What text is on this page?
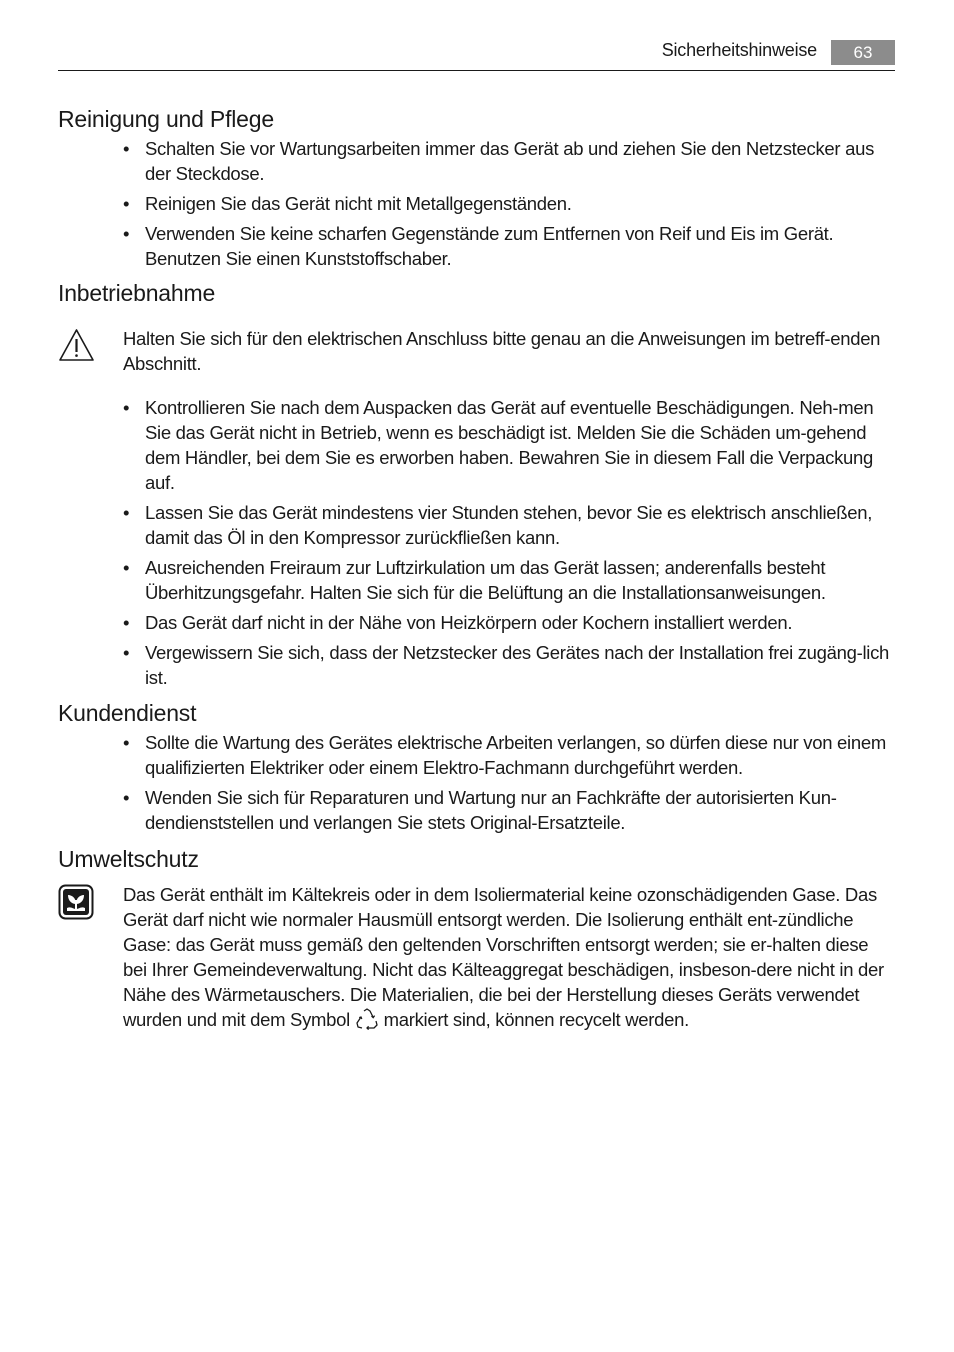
Sicherheitshinweise	63
Reinigung und Pflege
• Schalten Sie vor Wartungsarbeiten immer das Gerät ab und ziehen Sie den Netzstecker aus der Steckdose.
• Reinigen Sie das Gerät nicht mit Metallgegenständen.
• Verwenden Sie keine scharfen Gegenstände zum Entfernen von Reif und Eis im Gerät. Benutzen Sie einen Kunststoffschaber.
Inbetriebnahme
Halten Sie sich für den elektrischen Anschluss bitte genau an die Anweisungen im betreff-enden Abschnitt.
• Kontrollieren Sie nach dem Auspacken das Gerät auf eventuelle Beschädigungen. Neh-men Sie das Gerät nicht in Betrieb, wenn es beschädigt ist. Melden Sie die Schäden um-gehend dem Händler, bei dem Sie es erworben haben. Bewahren Sie in diesem Fall die Verpackung auf.
• Lassen Sie das Gerät mindestens vier Stunden stehen, bevor Sie es elektrisch anschließen, damit das Öl in den Kompressor zurückfließen kann.
• Ausreichenden Freiraum zur Luftzirkulation um das Gerät lassen; anderenfalls besteht Überhitzungsgefahr. Halten Sie sich für die Belüftung an die Installationsanweisungen.
• Das Gerät darf nicht in der Nähe von Heizkörpern oder Kochern installiert werden.
• Vergewissern Sie sich, dass der Netzstecker des Gerätes nach der Installation frei zugäng-lich ist.
Kundendienst
• Sollte die Wartung des Gerätes elektrische Arbeiten verlangen, so dürfen diese nur von einem qualifizierten Elektriker oder einem Elektro-Fachmann durchgeführt werden.
• Wenden Sie sich für Reparaturen und Wartung nur an Fachkräfte der autorisierten Kun-dendienststellen und verlangen Sie stets Original-Ersatzteile.
Umweltschutz
Das Gerät enthält im Kältekreis oder in dem Isoliermaterial keine ozonschädigenden Gase. Das Gerät darf nicht wie normaler Hausmüll entsorgt werden. Die Isolierung enthält ent-zündliche Gase: das Gerät muss gemäß den geltenden Vorschriften entsorgt werden; sie er-halten diese bei Ihrer Gemeindeverwaltung. Nicht das Kälteaggregat beschädigen, insbeson-dere nicht in der Nähe des Wärmetauschers. Die Materialien, die bei der Herstellung dieses Geräts verwendet wurden und mit dem Symbol markiert sind, können recycelt werden.
